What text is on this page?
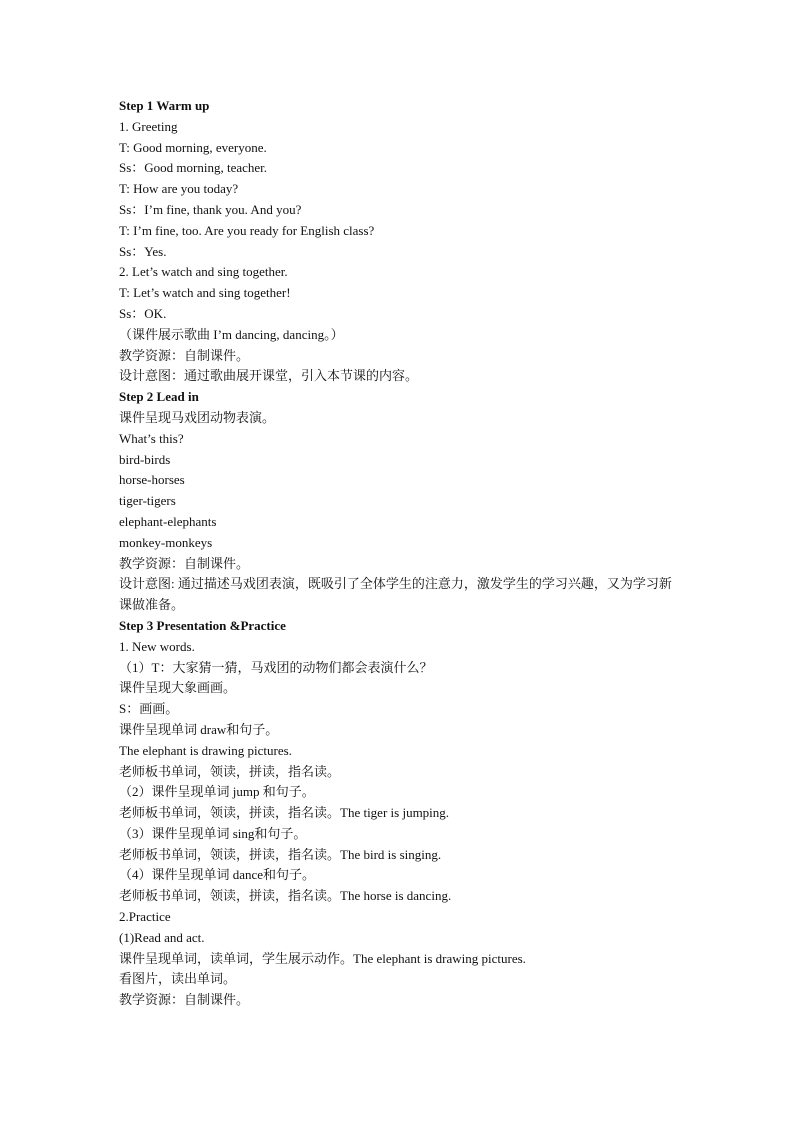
Step 1 Warm up
1. Greeting
T: Good morning, everyone.
Ss：Good morning, teacher.
T: How are you today?
Ss：I’m fine, thank you. And you?
T: I’m fine, too. Are you ready for English class?
Ss：Yes.
2. Let’s watch and sing together.
T: Let’s watch and sing together!
Ss：OK.
（课件展示歌曲 I’m dancing, dancing。）
教学资源：自制课件。
设计意图：通过歌曲展开课堂，引入本节课的内容。
Step 2 Lead in
课件呈现马戏团动物表演。
What’s this?
bird-birds
horse-horses
tiger-tigers
elephant-elephants
monkey-monkeys
教学资源：自制课件。
设计意图: 通过描述马戏团表演，既吸引了全体学生的注意力，激发学生的学习兴趣，又为学习新课做准备。
Step 3 Presentation &Practice
1. New words.
（1）T：大家猜一猜，马戏团的动物们都会表演什么？
课件呈现大象画画。
S：画画。
课件呈现单词 draw和句子。
The elephant is drawing pictures.
老师板书单词，领读，拼读，指名读。
（2）课件呈现单词 jump 和句子。
老师板书单词，领读，拼读，指名读。The tiger is jumping.
（3）课件呈现单词 sing和句子。
老师板书单词，领读，拼读，指名读。The bird is singing.
（4）课件呈现单词 dance和句子。
老师板书单词，领读，拼读，指名读。The horse is dancing.
2.Practice
(1)Read and act.
课件呈现单词，读单词，学生展示动作。The elephant is drawing pictures.
看图片，读出单词。
教学资源：自制课件。
